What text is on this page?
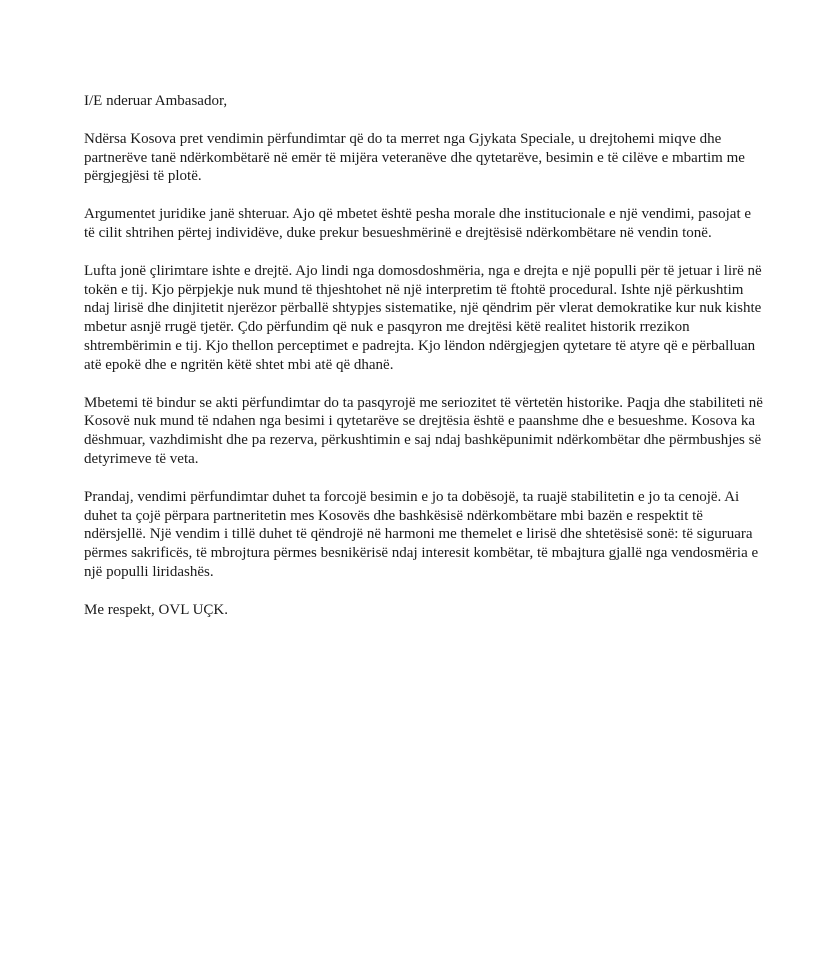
I/E nderuar Ambasador,

Ndërsa Kosova pret vendimin përfundimtar që do ta merret nga Gjykata Speciale, u drejtohemi miqve dhe partnerëve tanë ndërkombëtarë në emër të mijëra veteranëve dhe qytetarëve, besimin e të cilëve e mbartim me përgjegjësi të plotë.

Argumentet juridike janë shteruar. Ajo që mbetet është pesha morale dhe institucionale e një vendimi, pasojat e të cilit shtrihen përtej individëve, duke prekur besueshmërinë e drejtësisë ndërkombëtare në vendin tonë.

Lufta jonë çlirimtare ishte e drejtë. Ajo lindi nga domosdoshmëria, nga e drejta e një populli për të jetuar i lirë në tokën e tij. Kjo përpjekje nuk mund të thjeshtohet në një interpretim të ftohtë procedural. Ishte një përkushtim ndaj lirisë dhe dinjitetit njerëzor përballë shtypjes sistematike, një qëndrim për vlerat demokratike kur nuk kishte mbetur asnjë rrugë tjetër. Çdo përfundim që nuk e pasqyron me drejtësi këtë realitet historik rrezikon shtrembërimin e tij. Kjo thellon perceptimet e padrejta. Kjo lëndon ndërgjegjen qytetare të atyre që e përballuan atë epokë dhe e ngritën këtë shtet mbi atë që dhanë.

Mbetemi të bindur se akti përfundimtar do ta pasqyrojë me seriozitet të vërtetën historike. Paqja dhe stabiliteti në Kosovë nuk mund të ndahen nga besimi i qytetarëve se drejtësia është e paanshme dhe e besueshme. Kosova ka dëshmuar, vazhdimisht dhe pa rezerva, përkushtimin e saj ndaj bashkëpunimit ndërkombëtar dhe përmbushjes së detyrimeve të veta.

Prandaj, vendimi përfundimtar duhet ta forcojë besimin e jo ta dobësojë, ta ruajë stabilitetin e jo ta cenojë. Ai duhet ta çojë përpara partneritetin mes Kosovës dhe bashkësisë ndërkombëtare mbi bazën e respektit të ndërsjellë. Një vendim i tillë duhet të qëndrojë në harmoni me themelet e lirisë dhe shtetësisë sonë: të siguruara përmes sakrificës, të mbrojtura përmes besnikërisë ndaj interesit kombëtar, të mbajtura gjallë nga vendosmëria e një populli liridashës.

Me respekt, OVL UÇK.
